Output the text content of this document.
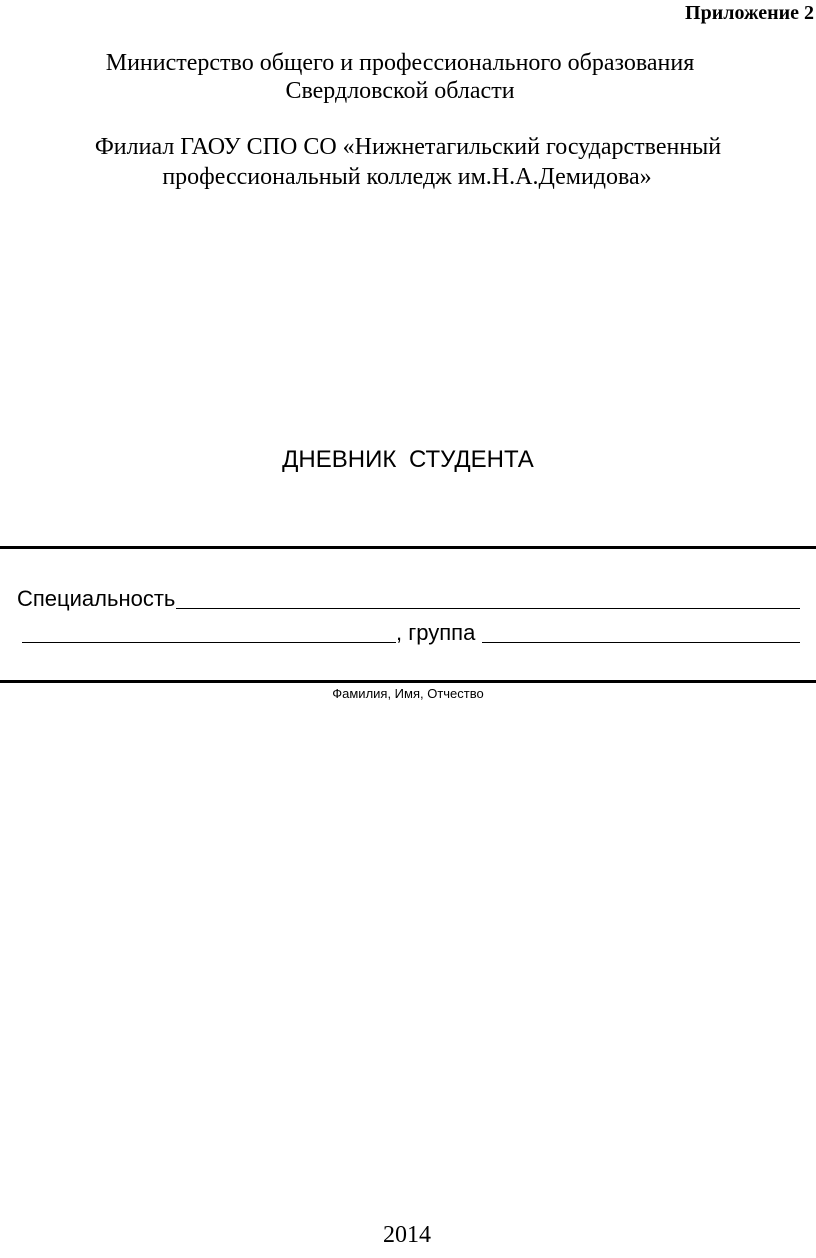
Приложение 2
Министерство общего и профессионального образования
Свердловской области
Филиал ГАОУ СПО СО «Нижнетагильский государственный
профессиональный колледж им.Н.А.Демидова»
ДНЕВНИК СТУДЕНТА
Специальность
, группа
Фамилия, Имя, Отчество
2014
